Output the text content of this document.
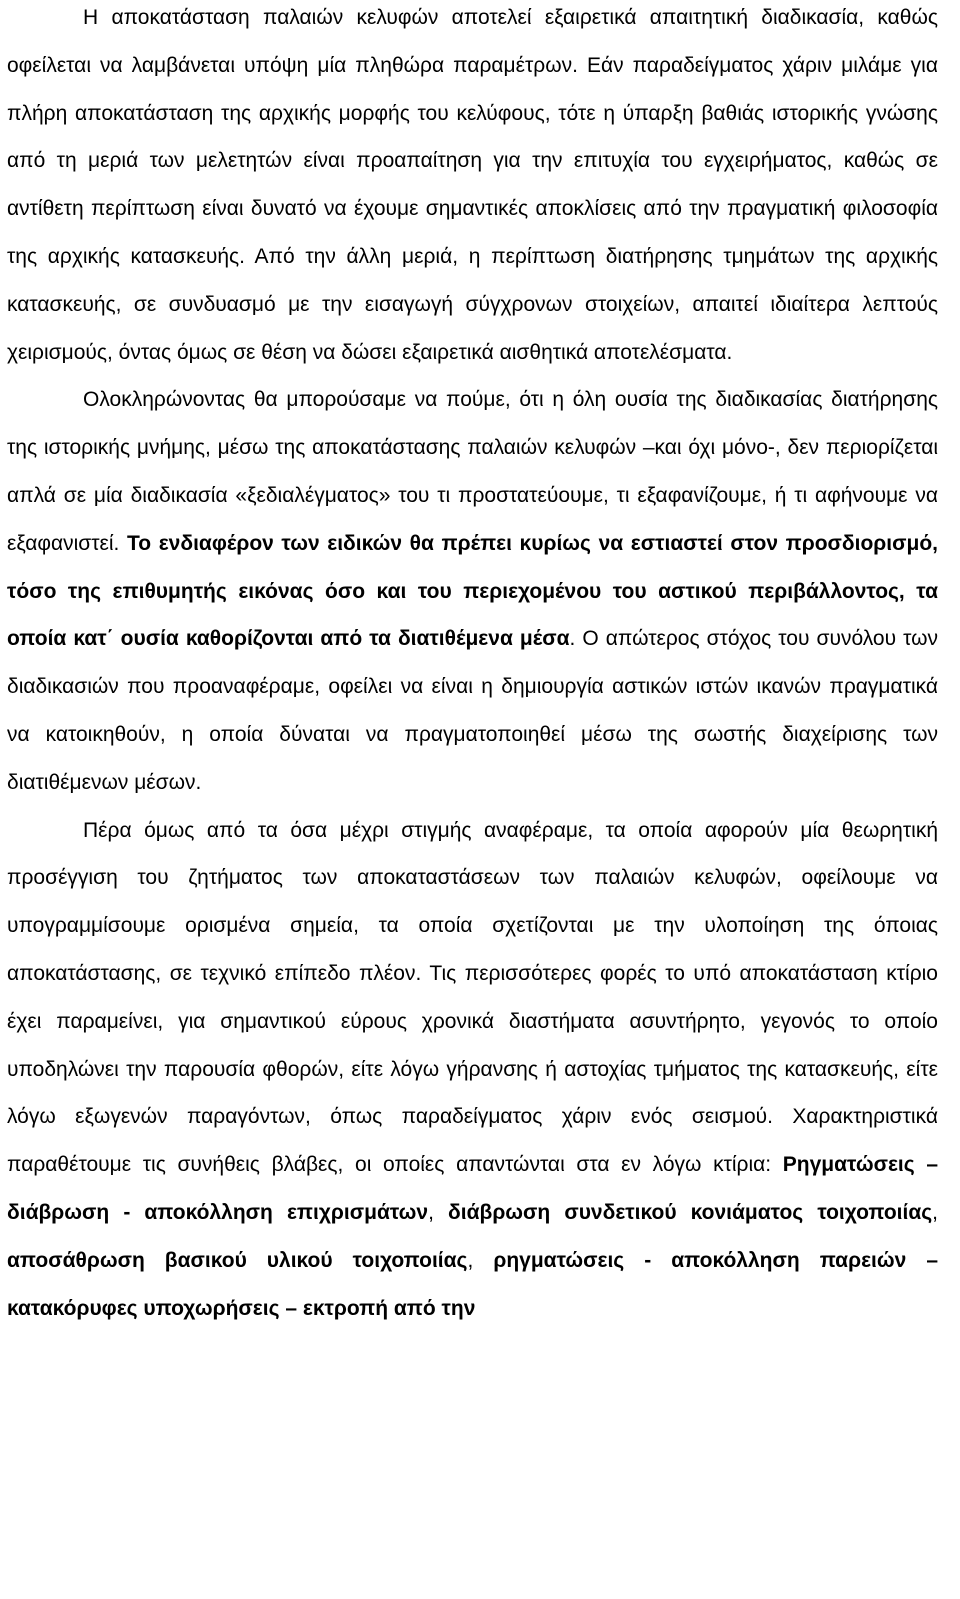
Η αποκατάσταση παλαιών κελυφών αποτελεί εξαιρετικά απαιτητική διαδικασία, καθώς οφείλεται να λαμβάνεται υπόψη μία πληθώρα παραμέτρων. Εάν παραδείγματος χάριν μιλάμε για πλήρη αποκατάσταση της αρχικής μορφής του κελύφους, τότε η ύπαρξη βαθιάς ιστορικής γνώσης από τη μεριά των μελετητών είναι προαπαίτηση για την επιτυχία του εγχειρήματος, καθώς σε αντίθετη περίπτωση είναι δυνατό να έχουμε σημαντικές αποκλίσεις από την πραγματική φιλοσοφία της αρχικής κατασκευής. Από την άλλη μεριά, η περίπτωση διατήρησης τμημάτων της αρχικής κατασκευής, σε συνδυασμό με την εισαγωγή σύγχρονων στοιχείων, απαιτεί ιδιαίτερα λεπτούς χειρισμούς, όντας όμως σε θέση να δώσει εξαιρετικά αισθητικά αποτελέσματα.

Ολοκληρώνοντας θα μπορούσαμε να πούμε, ότι η όλη ουσία της διαδικασίας διατήρησης της ιστορικής μνήμης, μέσω της αποκατάστασης παλαιών κελυφών –και όχι μόνο-, δεν περιορίζεται απλά σε μία διαδικασία «ξεδιαλέγματος» του τι προστατεύουμε, τι εξαφανίζουμε, ή τι αφήνουμε να εξαφανιστεί. Το ενδιαφέρον των ειδικών θα πρέπει κυρίως να εστιαστεί στον προσδιορισμό, τόσο της επιθυμητής εικόνας όσο και του περιεχομένου του αστικού περιβάλλοντος, τα οποία κατ΄ ουσία καθορίζονται από τα διατιθέμενα μέσα. Ο απώτερος στόχος του συνόλου των διαδικασιών που προαναφέραμε, οφείλει να είναι η δημιουργία αστικών ιστών ικανών πραγματικά να κατοικηθούν, η οποία δύναται να πραγματοποιηθεί μέσω της σωστής διαχείρισης των διατιθέμενων μέσων.

Πέρα όμως από τα όσα μέχρι στιγμής αναφέραμε, τα οποία αφορούν μία θεωρητική προσέγγιση του ζητήματος των αποκαταστάσεων των παλαιών κελυφών, οφείλουμε να υπογραμμίσουμε ορισμένα σημεία, τα οποία σχετίζονται με την υλοποίηση της όποιας αποκατάστασης, σε τεχνικό επίπεδο πλέον. Τις περισσότερες φορές το υπό αποκατάσταση κτίριο έχει παραμείνει, για σημαντικού εύρους χρονικά διαστήματα ασυντήρητο, γεγονός το οποίο υποδηλώνει την παρουσία φθορών, είτε λόγω γήρανσης ή αστοχίας τμήματος της κατασκευής, είτε λόγω εξωγενών παραγόντων, όπως παραδείγματος χάριν ενός σεισμού. Χαρακτηριστικά παραθέτουμε τις συνήθεις βλάβες, οι οποίες απαντώνται στα εν λόγω κτίρια: Ρηγματώσεις – διάβρωση - αποκόλληση επιχρισμάτων, διάβρωση συνδετικού κονιάματος τοιχοποιίας, αποσάθρωση βασικού υλικού τοιχοποιίας, ρηγματώσεις - αποκόλληση παρειών – κατακόρυφες υποχωρήσεις – εκτροπή από την
